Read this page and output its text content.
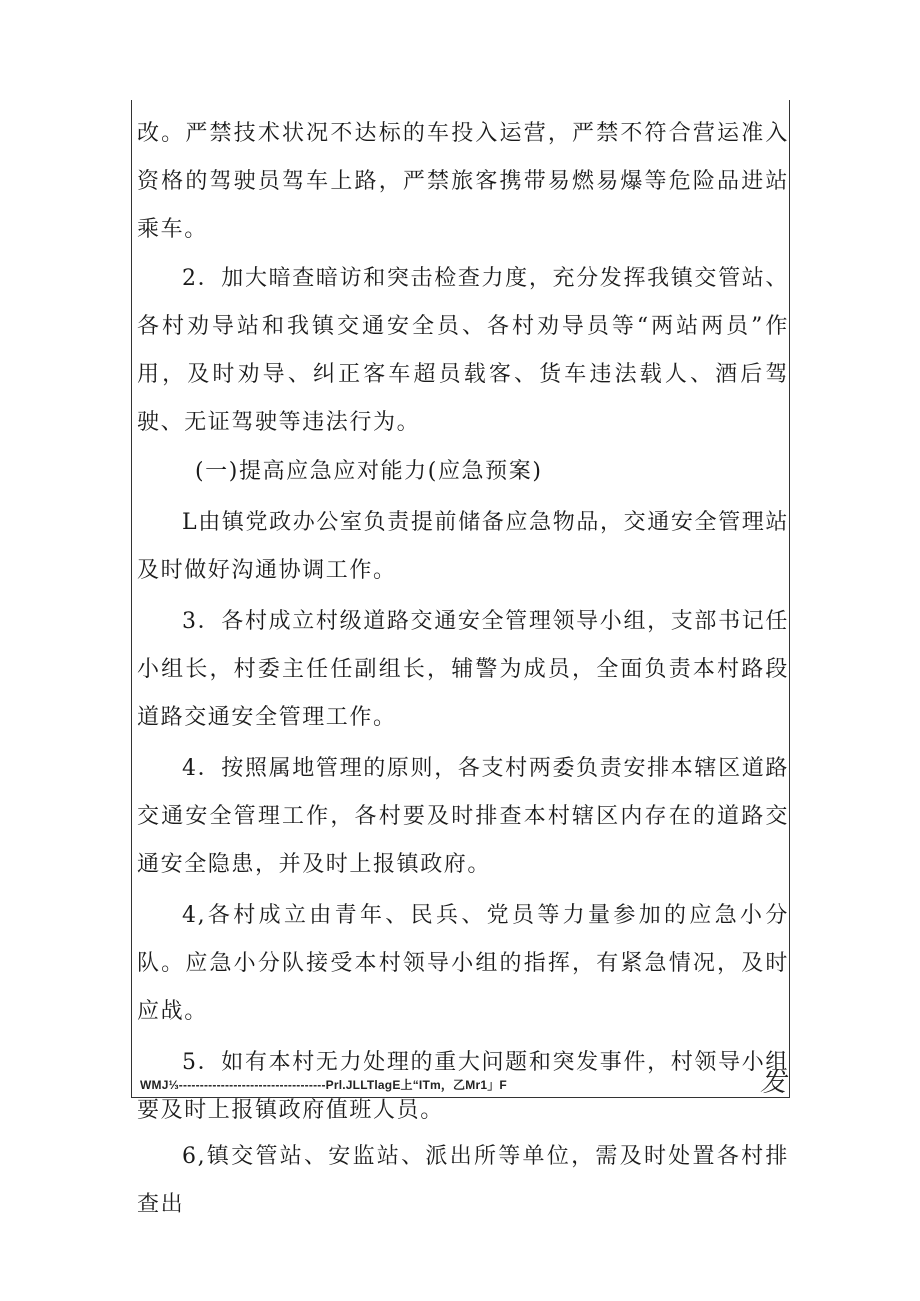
改。严禁技术状况不达标的车投入运营，严禁不符合营运准入资格的驾驶员驾车上路，严禁旅客携带易燃易爆等危险品进站乘车。

2．加大暗查暗访和突击检查力度，充分发挥我镇交管站、各村劝导站和我镇交通安全员、各村劝导员等“两站两员”作用，及时劝导、纠正客车超员载客、货车违法载人、酒后驾驶、无证驾驶等违法行为。

(一)提高应急应对能力(应急预案)

L由镇党政办公室负责提前储备应急物品，交通安全管理站及时做好沟通协调工作。

3．各村成立村级道路交通安全管理领导小组，支部书记任小组长，村委主任任副组长，辅警为成员，全面负责本村路段道路交通安全管理工作。

4．按照属地管理的原则，各支村两委负责安排本辖区道路交通安全管理工作，各村要及时排查本村辖区内存在的道路交通安全隐患，并及时上报镇政府。

4,各村成立由青年、民兵、党员等力量参加的应急小分队。应急小分队接受本村领导小组的指挥，有紧急情况，及时应战。

5．如有本村无力处理的重大问题和突发事件，村领导小组要及时上报镇政府值班人员。

6,镇交管站、安监站、派出所等单位，需及时处置各村排查出

WMJ⅓-----------------------------------Prl.JLLTlagE上“ITm，乙Mr1」F	发
